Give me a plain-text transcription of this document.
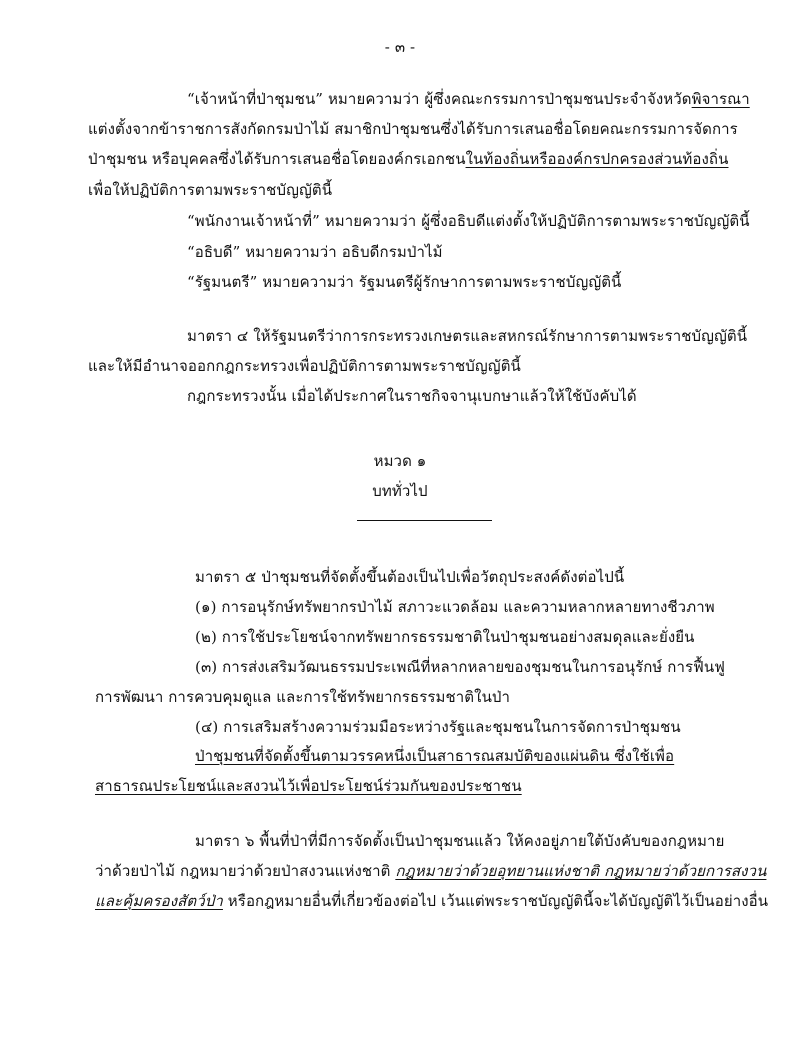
- ๓ -
“เจ้าหน้าที่ป่าชุมชน” หมายความว่า ผู้ซึ่งคณะกรรมการป่าชุมชนประจำจังหวัดพิจารณา
แต่งตั้งจากข้าราชการสังกัดกรมป่าไม้ สมาชิกป่าชุมชนซึ่งได้รับการเสนอชื่อโดยคณะกรรมการจัดการ
ป่าชุมชน หรือบุคคลซึ่งได้รับการเสนอชื่อโดยองค์กรเอกชนในท้องถิ่นหรือองค์กรปกครองส่วนท้องถิ่น
เพื่อให้ปฏิบัติการตามพระราชบัญญัตินี้
“พนักงานเจ้าหน้าที่” หมายความว่า ผู้ซึ่งอธิบดีแต่งตั้งให้ปฏิบัติการตามพระราชบัญญัตินี้
“อธิบดี” หมายความว่า อธิบดีกรมป่าไม้
“รัฐมนตรี” หมายความว่า รัฐมนตรีผู้รักษาการตามพระราชบัญญัตินี้
มาตรา ๔ ให้รัฐมนตรีว่าการกระทรวงเกษตรและสหกรณ์รักษาการตามพระราชบัญญัตินี้
และให้มีอำนาจออกกฎกระทรวงเพื่อปฏิบัติการตามพระราชบัญญัตินี้
กฎกระทรวงนั้น เมื่อได้ประกาศในราชกิจจานุเบกษาแล้วให้ใช้บังคับได้
หมวด ๑
บททั่วไป
มาตรา ๕ ป่าชุมชนที่จัดตั้งขึ้นต้องเป็นไปเพื่อวัตถุประสงค์ดังต่อไปนี้
(๑) การอนุรักษ์ทรัพยากรป่าไม้ สภาวะแวดล้อม และความหลากหลายทางชีวภาพ
(๒) การใช้ประโยชน์จากทรัพยากรธรรมชาติในป่าชุมชนอย่างสมดุลและยั่งยืน
(๓) การส่งเสริมวัฒนธรรมประเพณีที่หลากหลายของชุมชนในการอนุรักษ์ การฟื้นฟู
การพัฒนา การควบคุมดูแล และการใช้ทรัพยากรธรรมชาติในป่า
(๔) การเสริมสร้างความร่วมมือระหว่างรัฐและชุมชนในการจัดการป่าชุมชน
ป่าชุมชนที่จัดตั้งขึ้นตามวรรคหนึ่งเป็นสาธารณสมบัติของแผ่นดิน ซึ่งใช้เพื่อ
สาธารณประโยชน์และสงวนไว้เพื่อประโยชน์ร่วมกันของประชาชน
มาตรา ๖ พื้นที่ป่าที่มีการจัดตั้งเป็นป่าชุมชนแล้ว ให้คงอยู่ภายใต้บังคับของกฎหมาย
ว่าด้วยป่าไม้ กฎหมายว่าด้วยป่าสงวนแห่งชาติ กฎหมายว่าด้วยอุทยานแห่งชาติ กฎหมายว่าด้วยการสงวน
และคุ้มครองสัตว์ป่า หรือกฎหมายอื่นที่เกี่ยวข้องต่อไป เว้นแต่พระราชบัญญัตินี้จะได้บัญญัติไว้เป็นอย่างอื่น
